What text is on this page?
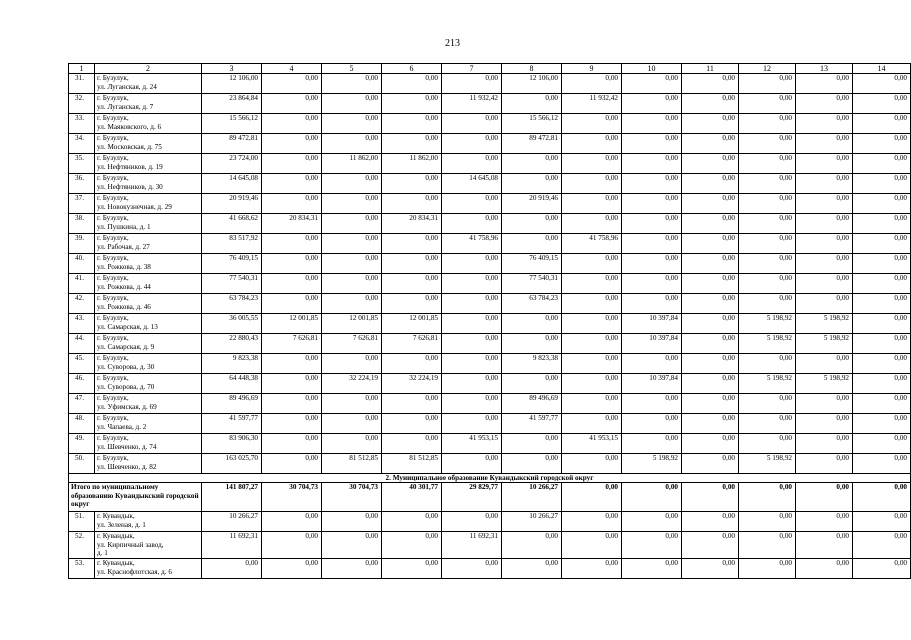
213
1	2	3	4	5	6	7	8	9	10	11	12	13	14
31.	г. Бузулук,
ул. Луганская, д. 24	12 106,00	0,00	0,00	0,00	0,00	12 106,00	0,00	0,00	0,00	0,00	0,00	0,00
32.	г. Бузулук,
ул. Луганская, д. 7	23 864,84	0,00	0,00	0,00	11 932,42	0,00	11 932,42	0,00	0,00	0,00	0,00	0,00
33.	г. Бузулук,
ул. Маяковского, д. 6	15 566,12	0,00	0,00	0,00	0,00	15 566,12	0,00	0,00	0,00	0,00	0,00	0,00
34.	г. Бузулук,
ул. Московская, д. 75	89 472,81	0,00	0,00	0,00	0,00	89 472,81	0,00	0,00	0,00	0,00	0,00	0,00
35.	г. Бузулук,
ул. Нефтяников, д. 19	23 724,00	0,00	11 862,00	11 862,00	0,00	0,00	0,00	0,00	0,00	0,00	0,00	0,00
36.	г. Бузулук,
ул. Нефтяников, д. 30	14 645,08	0,00	0,00	0,00	14 645,08	0,00	0,00	0,00	0,00	0,00	0,00	0,00
37.	г. Бузулук,
ул. Новокузнечная, д. 29	20 919,46	0,00	0,00	0,00	0,00	20 919,46	0,00	0,00	0,00	0,00	0,00	0,00
38.	г. Бузулук,
ул. Пушкина, д. 1	41 668,62	20 834,31	0,00	20 834,31	0,00	0,00	0,00	0,00	0,00	0,00	0,00	0,00
39.	г. Бузулук,
ул. Рабочая, д. 27	83 517,92	0,00	0,00	0,00	41 758,96	0,00	41 758,96	0,00	0,00	0,00	0,00	0,00
40.	г. Бузулук,
ул. Рожкова, д. 38	76 409,15	0,00	0,00	0,00	0,00	76 409,15	0,00	0,00	0,00	0,00	0,00	0,00
41.	г. Бузулук,
ул. Рожкова, д. 44	77 540,31	0,00	0,00	0,00	0,00	77 540,31	0,00	0,00	0,00	0,00	0,00	0,00
42.	г. Бузулук,
ул. Рожкова, д. 46	63 784,23	0,00	0,00	0,00	0,00	63 784,23	0,00	0,00	0,00	0,00	0,00	0,00
43.	г. Бузулук,
ул. Самарская, д. 13	36 005,55	12 001,85	12 001,85	12 001,85	0,00	0,00	0,00	10 397,84	0,00	5 198,92	5 198,92	0,00
44.	г. Бузулук,
ул. Самарская, д. 9	22 880,43	7 626,81	7 626,81	7 626,81	0,00	0,00	0,00	10 397,84	0,00	5 198,92	5 198,92	0,00
45.	г. Бузулук,
ул. Суворова, д. 30	9 823,38	0,00	0,00	0,00	0,00	9 823,38	0,00	0,00	0,00	0,00	0,00	0,00
46.	г. Бузулук,
ул. Суворова, д. 70	64 448,38	0,00	32 224,19	32 224,19	0,00	0,00	0,00	10 397,84	0,00	5 198,92	5 198,92	0,00
47.	г. Бузулук,
ул. Уфимская, д. 69	89 496,69	0,00	0,00	0,00	0,00	89 496,69	0,00	0,00	0,00	0,00	0,00	0,00
48.	г. Бузулук,
ул. Чапаева, д. 2	41 597,77	0,00	0,00	0,00	0,00	41 597,77	0,00	0,00	0,00	0,00	0,00	0,00
49.	г. Бузулук,
ул. Шевченко, д. 74	83 906,30	0,00	0,00	0,00	41 953,15	0,00	41 953,15	0,00	0,00	0,00	0,00	0,00
50.	г. Бузулук,
ул. Шевченко, д. 82	163 025,70	0,00	81 512,85	81 512,85	0,00	0,00	0,00	5 198,92	0,00	5 198,92	0,00	0,00
2. Муниципальное образование Кувандыкский городской округ													
Итого по муниципальному образованию Кувандыкский городской округ		141 807,27	30 704,73	30 704,73	40 301,77	29 829,77	10 266,27	0,00	0,00	0,00	0,00	0,00	0,00
51.	г. Кувандык,
ул. Зеленая, д. 1	10 266,27	0,00	0,00	0,00	0,00	10 266,27	0,00	0,00	0,00	0,00	0,00	0,00
52.	г. Кувандык,
ул. Кирпичный завод,
д. 1	11 692,31	0,00	0,00	0,00	11 692,31	0,00	0,00	0,00	0,00	0,00	0,00	0,00
53.	г. Кувандык,
ул. Краснофлотская, д. 6	0,00	0,00	0,00	0,00	0,00	0,00	0,00	0,00	0,00	0,00	0,00	0,00
